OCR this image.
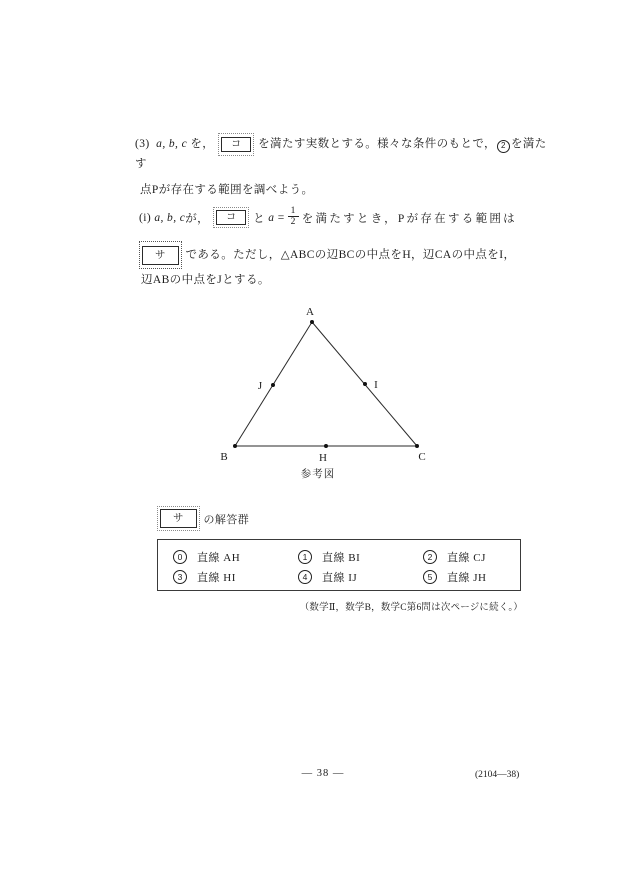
(3) a, b, c を， コ を満たす実数とする。様々な条件のもとで， 2 を満たす
点Pが存在する範囲を調べよう。
(i)
a, b, c が，	コ	と
a
= $\frac{1}{2}$ を満たすとき，Pが存在する範囲は
サ	である。ただし，△ABCの辺BCの中点をH，辺CAの中点をI，
辺ABの中点をJとする。
A
B	C
J	I
H
参考図
サ	の解答群
0 直線 AH	1 直線 BI	2 直線 CJ
3 直線 HI	4 直線 IJ	5 直線 JH
（数学Ⅱ，数学B，数学C第6問は次ページに続く。）
— 38 —	(2104—38)
